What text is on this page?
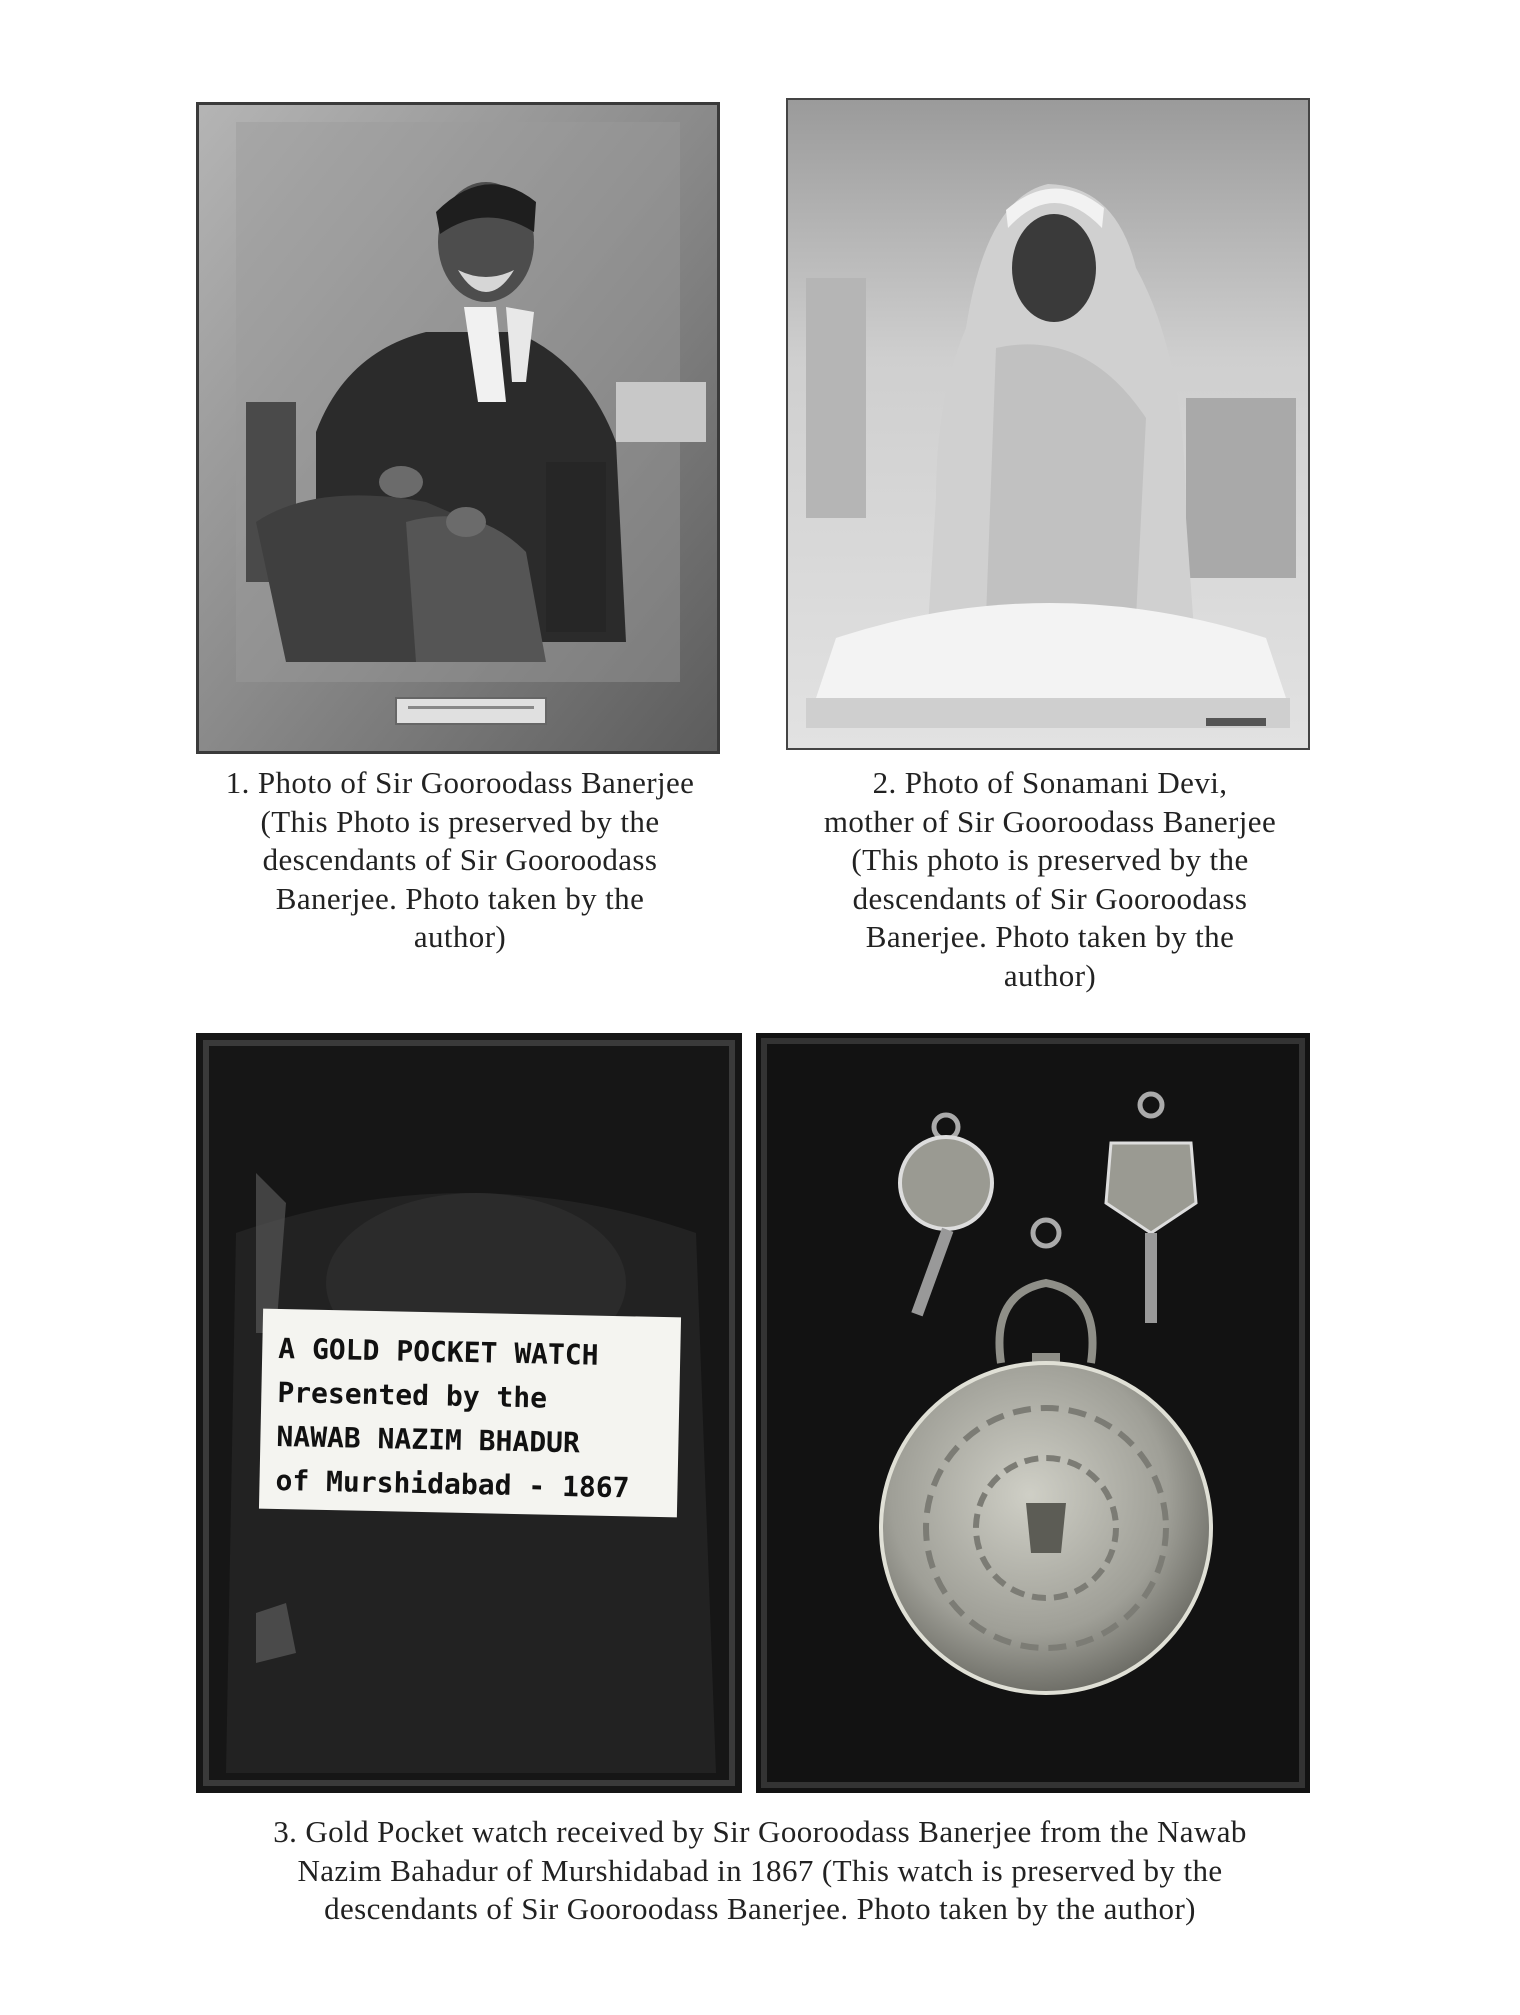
1. Photo of Sir Gooroodass Banerjee
(This Photo is preserved by the
descendants of Sir Gooroodass
Banerjee. Photo taken by the
author)
2. Photo of Sonamani Devi,
mother of Sir Gooroodass Banerjee
(This photo is preserved by the
descendants of Sir Gooroodass
Banerjee. Photo taken by the
author)
A GOLD POCKET WATCH
Presented by the
NAWAB NAZIM BHADUR
of Murshidabad - 1867
3. Gold Pocket watch received by Sir Gooroodass Banerjee from the Nawab
Nazim Bahadur of Murshidabad in 1867 (This watch is preserved by the
descendants of Sir Gooroodass Banerjee. Photo taken by the author)
